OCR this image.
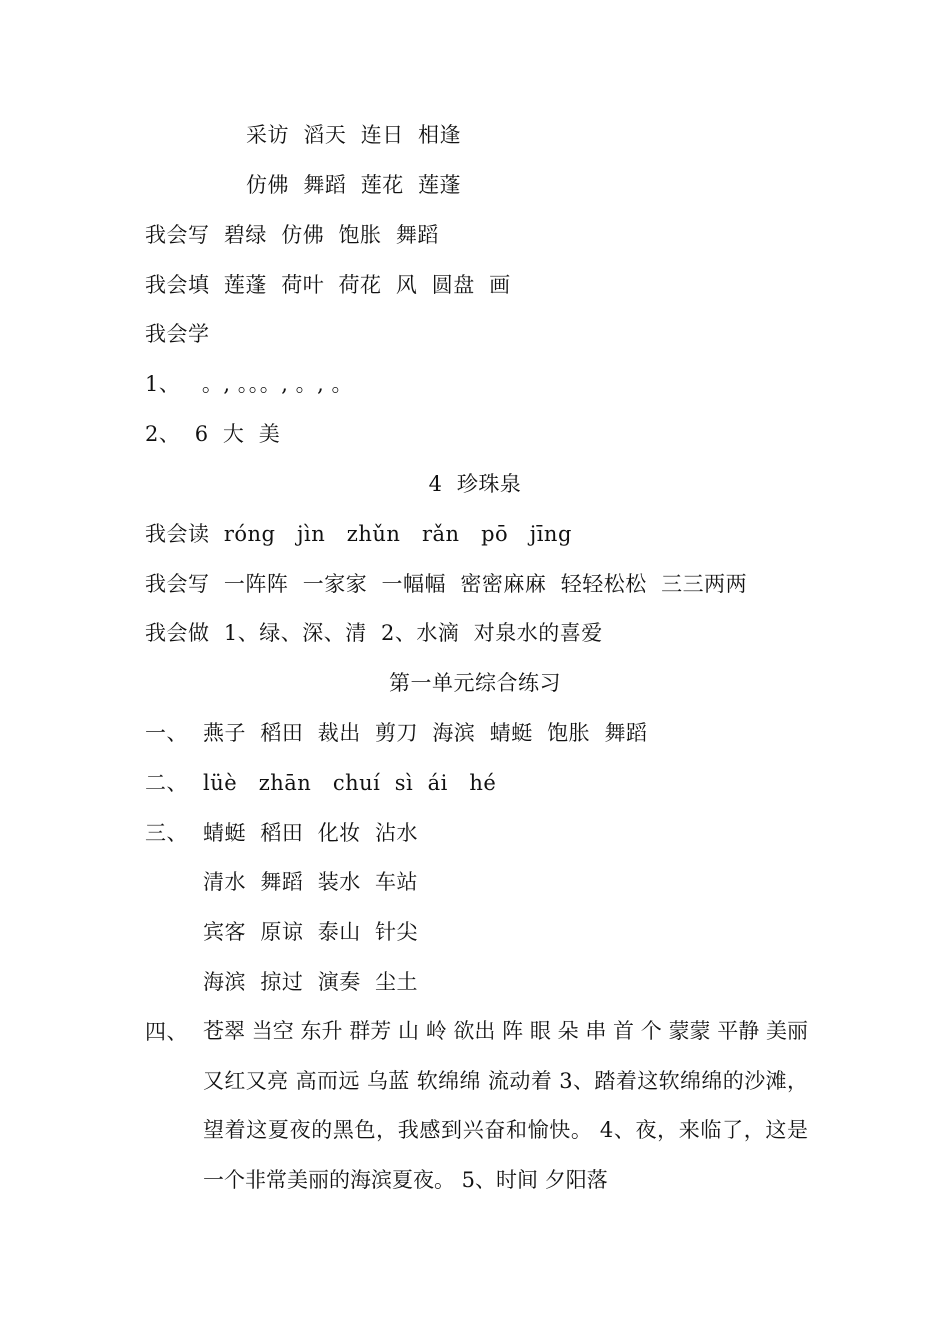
采访  滔天  连日  相逢
仿佛  舞蹈  莲花  莲蓬
我会写  碧绿  仿佛  饱胀  舞蹈
我会填  莲蓬  荷叶  荷花  风  圆盘  画
我会学
1、   。, 。。。, 。, 。
2、  6  大  美
4  珍珠泉
我会读  róng   jìn   zhǔn   rǎn   pō   jīng
我会写  一阵阵  一家家  一幅幅  密密麻麻  轻轻松松  三三两两
我会做  1、绿、深、清  2、水滴  对泉水的喜爱
第一单元综合练习
一、 燕子  稻田  裁出  剪刀  海滨  蜻蜓  饱胀  舞蹈
二、 lüè   zhān   chuí  sì  ái   hé
三、 蜻蜓  稻田  化妆  沾水
清水  舞蹈  装水  车站
宾客  原谅  泰山  针尖
海滨  掠过  演奏  尘土
四、 苍翠 当空 东升 群芳 山 岭 欲出 阵 眼 朵 串 首 个 蒙蒙 平静 美丽 又红又亮 高而远 乌蓝 软绵绵 流动着 3、踏着这软绵绵的沙滩，望着这夏夜的黑色，我感到兴奋和愉快。 4、夜，来临了，这是一个非常美丽的海滨夏夜。 5、时间 夕阳落
